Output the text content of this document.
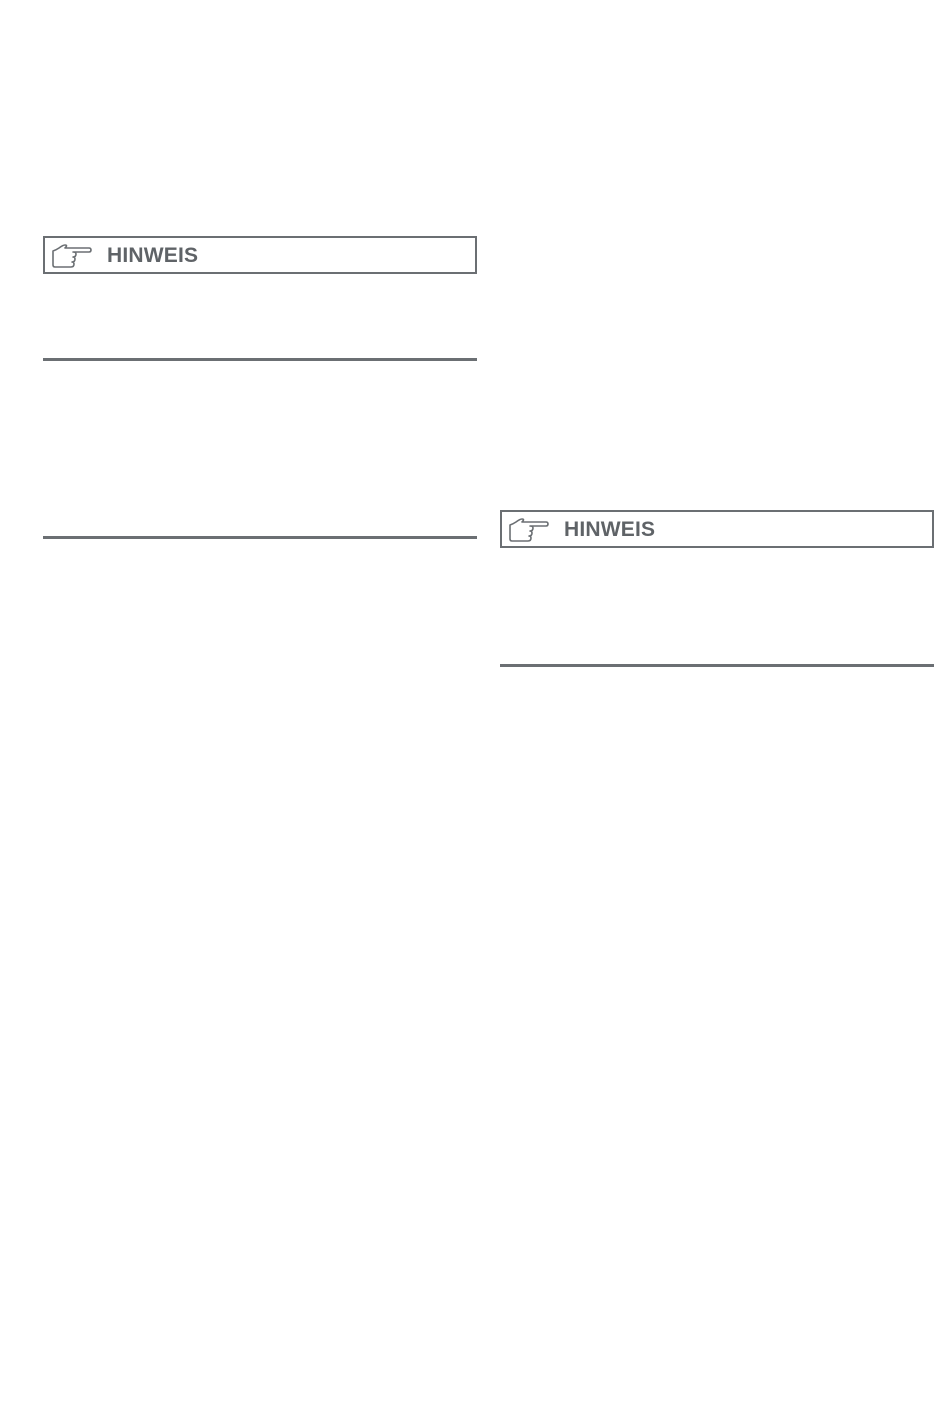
HINWEIS
HINWEIS
